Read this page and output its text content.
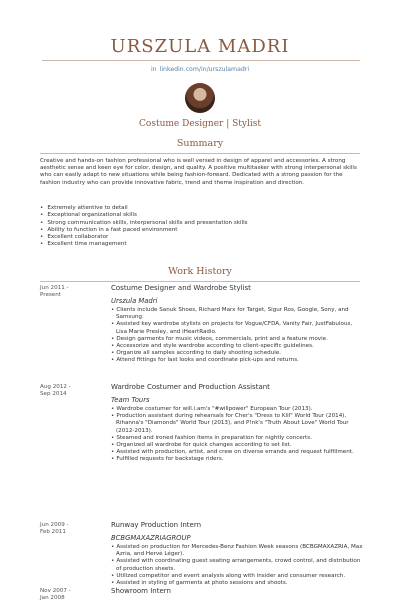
URSZULA MADRI
in linkedin.com/in/urszulamadri
Costume Designer | Stylist
Summary
Creative and hands-on fashion professional who is well versed in design of apparel and accessories. A strong aesthetic sense and keen eye for color, design, and quality. A positive multitasker with strong interpersonal skills who can easily adapt to new situations while being fashion-forward. Dedicated with a strong passion for the fashion industry who can provide innovative fabric, trend and theme inspiration and direction.
• Extremely attentive to detail
• Exceptional organizational skills
• Strong communication skills, interpersonal skills and presentation skills
• Ability to function in a fast paced environment
• Excellent collaborator
• Excellent time management
Work History
Jun 2011 -
Present
Costume Designer and Wardrobe Stylist
Urszula Madri
• Clients include Sanuk Shoes, Richard Marx for Target, Sigur Ros, Google, Sony, and Samsung.
• Assisted key wardrobe stylists on projects for Vogue/CFDA, Vanity Fair, JustFabulous, Lisa Marie Presley, and iHeartRadio.
• Design garments for music videos, commercials, print and a feature movie.
• Accessorize and style wardrobe according to client-specific guidelines.
• Organize all samples according to daily shooting schedule.
• Attend fittings for last looks and coordinate pick-ups and returns.
Aug 2012 -
Sep 2014
Wardrobe Costumer and Production Assistant
Team Tours
• Wardrobe costumer for will.i.am's "#willpower" European Tour (2013).
• Production assistant during rehearsals for Cher's "Dress to Kill" World Tour (2014), Rihanna's "Diamonds" World Tour (2013), and P!nk's "Truth About Love" World Tour (2012-2013).
• Steamed and ironed fashion items in preparation for nightly concerts.
• Organized all wardrobe for quick changes according to set list.
• Assisted with production, artist, and crew on diverse errands and request fulfillment.
• Fulfilled requests for backstage riders.
Jun 2009 -
Feb 2011
Runway Production Intern
BCBGMAXAZRIAGROUP
• Assisted on production for Mercedes-Benz Fashion Week seasons (BCBGMAXAZRIA, Max Azria, and Hervé Léger).
• Assisted with coordinating guest seating arrangements, crowd control, and distribution of production sheets.
• Utilized competitor and event analysis along with insider and consumer research.
• Assisted in styling of garments at photo sessions and shoots.
Nov 2007 -
Jan 2008
Showroom Intern
